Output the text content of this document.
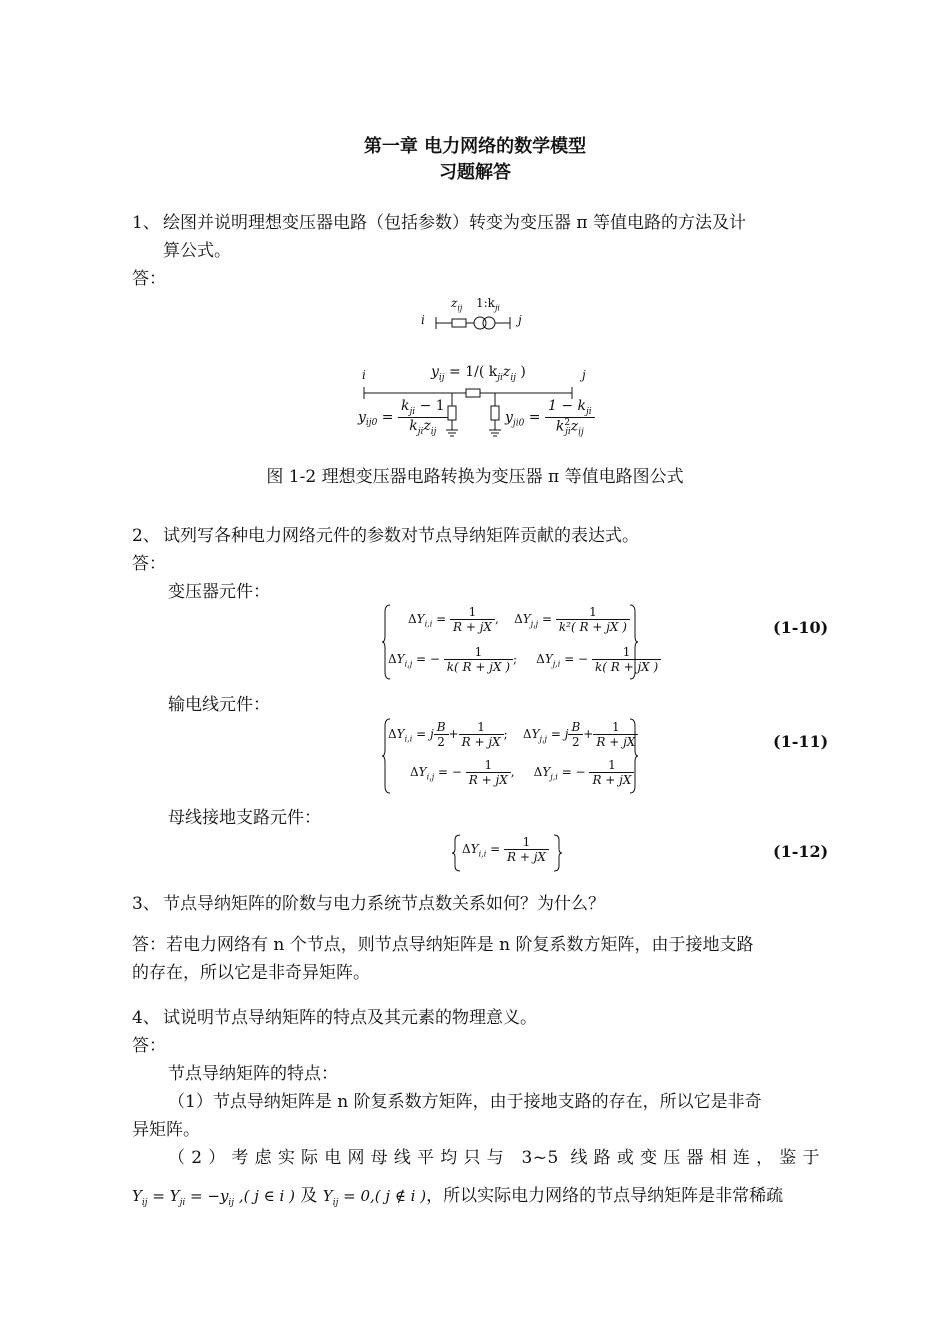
第一章 电力网络的数学模型
习题解答
1、 绘图并说明理想变压器电路（包括参数）转变为变压器 π 等值电路的方法及计
算公式。
答：
i
$z_{ij}$ $1:k_{ji}$
j
i	j
$y_{ij} = 1/$( $k_{ji}z_{ij}$ )
$y_{ij0} = \frac{k_{ji} - 1}{k_{ji}z_{ij}}$	$y_{ji0} = \frac{1 - k_{ji}}{k^2_{ji}z_{ij}}$
图 1-2 理想变压器电路转换为变压器 π 等值电路图公式
2、 试列写各种电力网络元件的参数对节点导纳矩阵贡献的表达式。
答：
变压器元件：
$\Delta Y_{i,i} = \frac{1}{R + jX}$ ,    $\Delta Y_{j,j} = \frac{1}{\text{k²( R + jX )}}$
$\Delta Y_{i,j}$ = − $\frac{1}{k( R + jX )}$ ;     $\Delta Y_{j,i}$ = − $\frac{1}{k( R + jX )}$
(1-10)
输电线元件：
$\Delta Y_{i,i} = j \frac{B}{2} + \frac{1}{R + jX}$ ;    $\Delta Y_{j,j} = j \frac{B}{2} + \frac{1}{R + jX}$
$\Delta Y_{i,j}$ = − $\frac{1}{R + jX}$ ,     $\Delta Y_{j,i}$ = − $\frac{1}{R + jX}$
(1-11)
母线接地支路元件：
$\Delta Y_{i,i} = \frac{1}{R + jX}$	(1-12)
3、 节点导纳矩阵的阶数与电力系统节点数关系如何？为什么？
答：若电力网络有 n 个节点，则节点导纳矩阵是 n 阶复系数方矩阵，由于接地支路
的存在，所以它是非奇异矩阵。
4、 试说明节点导纳矩阵的特点及其元素的物理意义。
答：
节点导纳矩阵的特点：
（1）节点导纳矩阵是 n 阶复系数方矩阵，由于接地支路的存在，所以它是非奇
异矩阵。
（2）考虑实际电网母线平均只与 3~5 线路或变压器相连，鉴于
$Y_{ij} = Y_{ji} = -y_{ij}$ ,( j ∈ i ) 及 $Y_{ij} = 0$,( j ∉ i )，所以实际电力网络的节点导纳矩阵是非常稀疏
